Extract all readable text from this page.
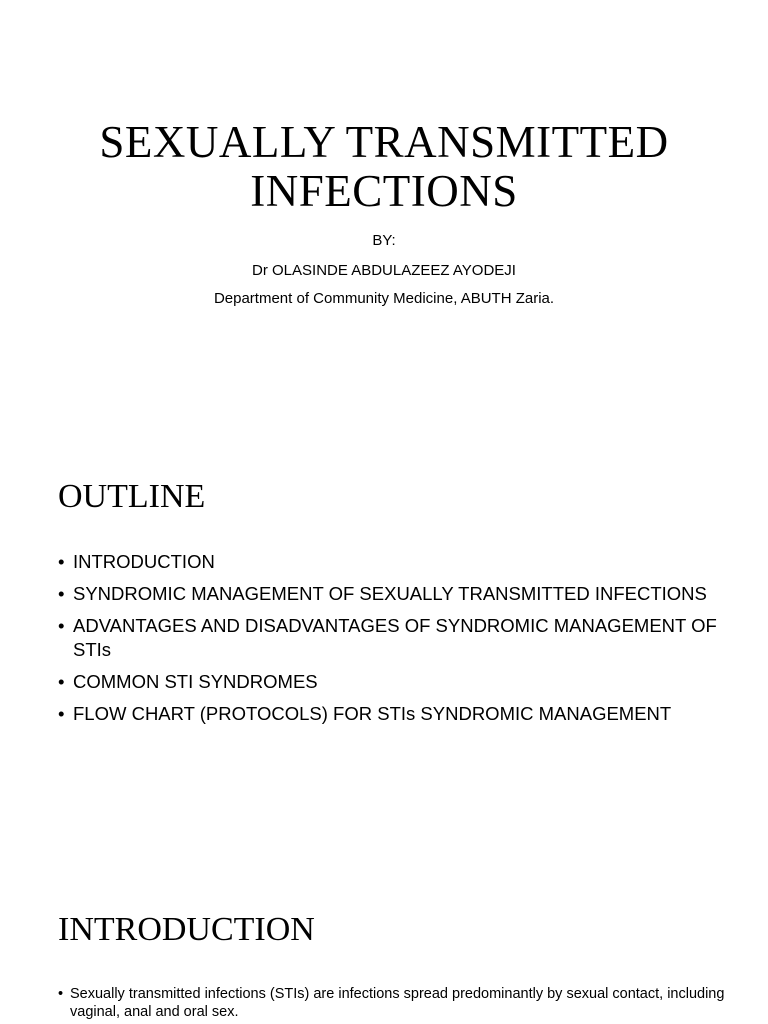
SEXUALLY TRANSMITTED
INFECTIONS
BY:
Dr OLASINDE ABDULAZEEZ AYODEJI
Department of Community Medicine, ABUTH Zaria.
OUTLINE
• INTRODUCTION
• SYNDROMIC MANAGEMENT OF SEXUALLY TRANSMITTED INFECTIONS
• ADVANTAGES AND DISADVANTAGES OF SYNDROMIC MANAGEMENT OF STIs
• COMMON STI SYNDROMES
• FLOW CHART (PROTOCOLS) FOR STIs SYNDROMIC MANAGEMENT
INTRODUCTION
• Sexually transmitted infections (STIs) are infections spread predominantly by sexual contact, including vaginal, anal and oral sex.
